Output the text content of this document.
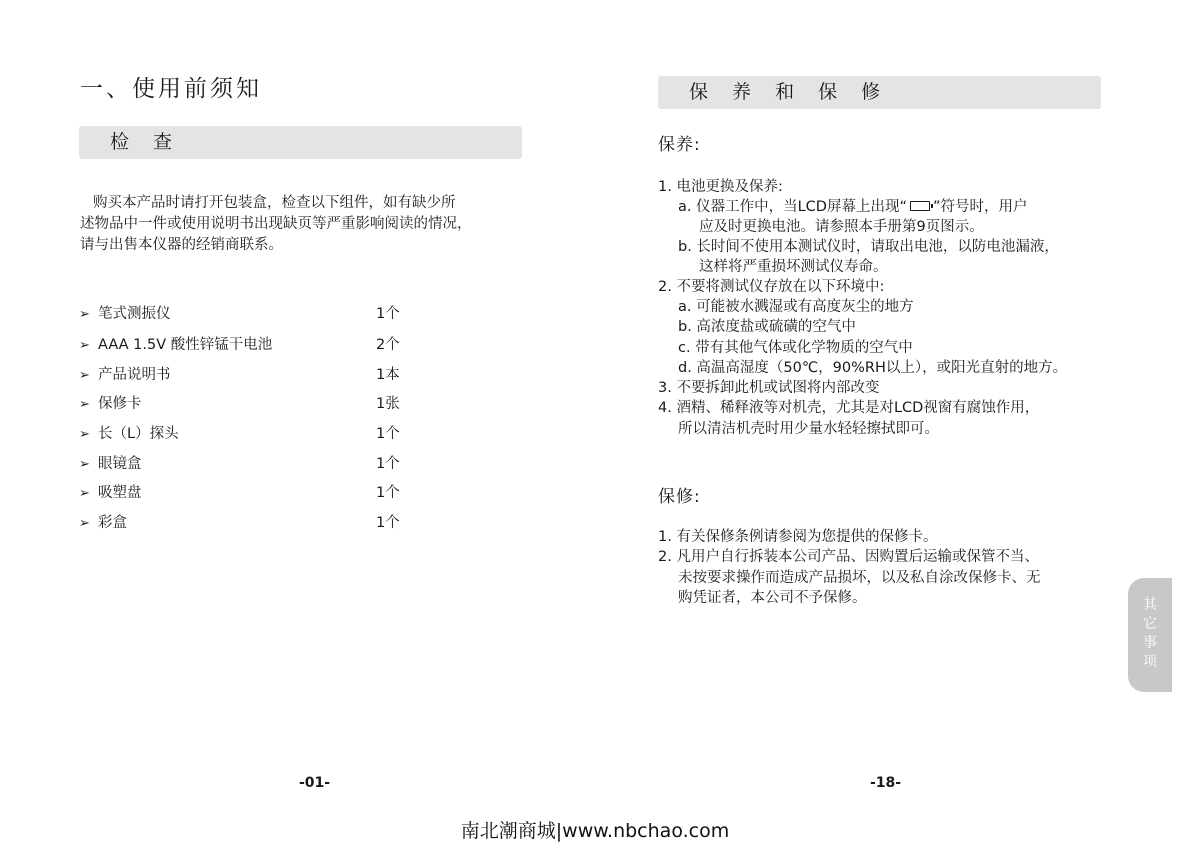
一、使用前须知
检 查
购买本产品时请打开包装盒，检查以下组件，如有缺少所
述物品中一件或使用说明书出现缺页等严重影响阅读的情况，
请与出售本仪器的经销商联系。
➢ 笔式测振仪	1个
➢ AAA 1.5V 酸性锌锰干电池	2个
➢ 产品说明书	1本
➢ 保修卡	1张
➢ 长（L）探头	1个
➢ 眼镜盒	1个
➢ 吸塑盘	1个
➢ 彩盒	1个
-01-
保 养 和 保 修
保养:
1. 电池更换及保养:
a. 仪器工作中，当LCD屏幕上出现“ ”符号时，用户
应及时更换电池。请参照本手册第9页图示。
b. 长时间不使用本测试仪时，请取出电池，以防电池漏液，
这样将严重损坏测试仪寿命。
2. 不要将测试仪存放在以下环境中:
a. 可能被水溅湿或有高度灰尘的地方
b. 高浓度盐或硫磺的空气中
c. 带有其他气体或化学物质的空气中
d. 高温高湿度（50℃，90%RH以上），或阳光直射的地方。
3. 不要拆卸此机或试图将内部改变
4. 酒精、稀释液等对机壳，尤其是对LCD视窗有腐蚀作用，
所以清洁机壳时用少量水轻轻擦拭即可。
保修:
1. 有关保修条例请参阅为您提供的保修卡。
2. 凡用户自行拆装本公司产品、因购置后运输或保管不当、
未按要求操作而造成产品损坏，以及私自涂改保修卡、无
购凭证者，本公司不予保修。	其
它
事
项
-18-
南北潮商城|www.nbchao.com
